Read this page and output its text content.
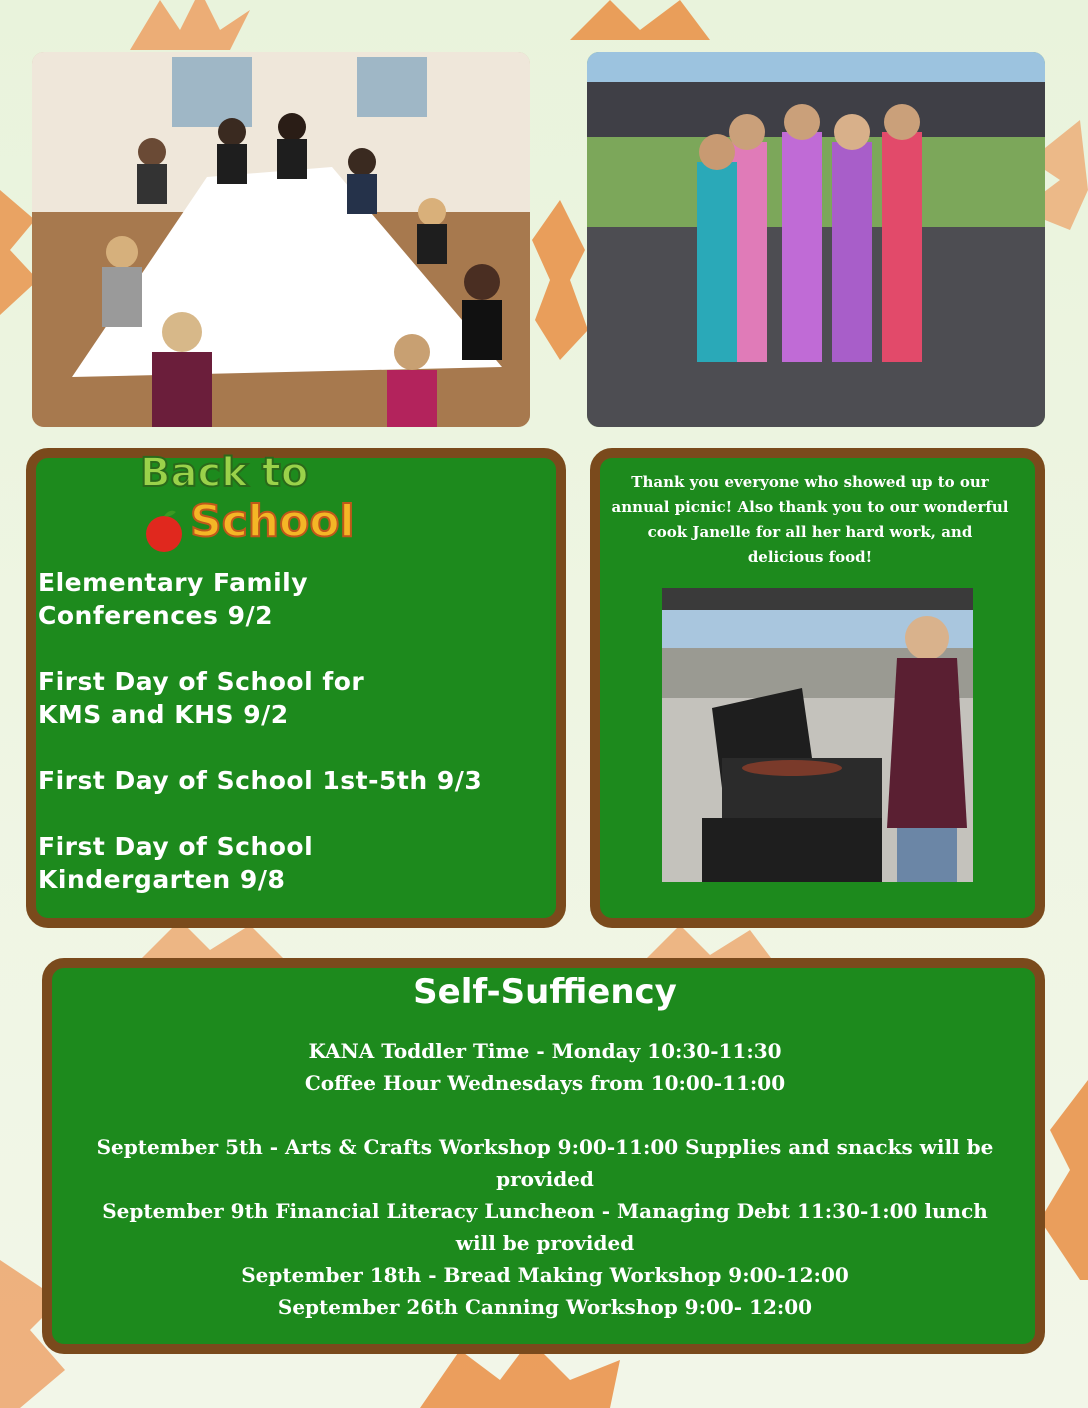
Back to
School
Elementary Family
Conferences 9/2
First Day of School for
KMS and KHS 9/2
First Day of School 1st-5th 9/3
First Day of School
Kindergarten 9/8
Thank you everyone who showed up to our annual picnic! Also thank you to our wonderful cook Janelle for all her hard work, and delicious food!
Self-Suffiency
KANA Toddler Time - Monday 10:30-11:30
Coffee Hour Wednesdays from 10:00-11:00
September 5th - Arts & Crafts Workshop 9:00-11:00 Supplies and snacks will be
provided
September 9th Financial Literacy Luncheon - Managing Debt 11:30-1:00 lunch
will be provided
September 18th - Bread Making Workshop 9:00-12:00
September 26th Canning Workshop 9:00- 12:00
